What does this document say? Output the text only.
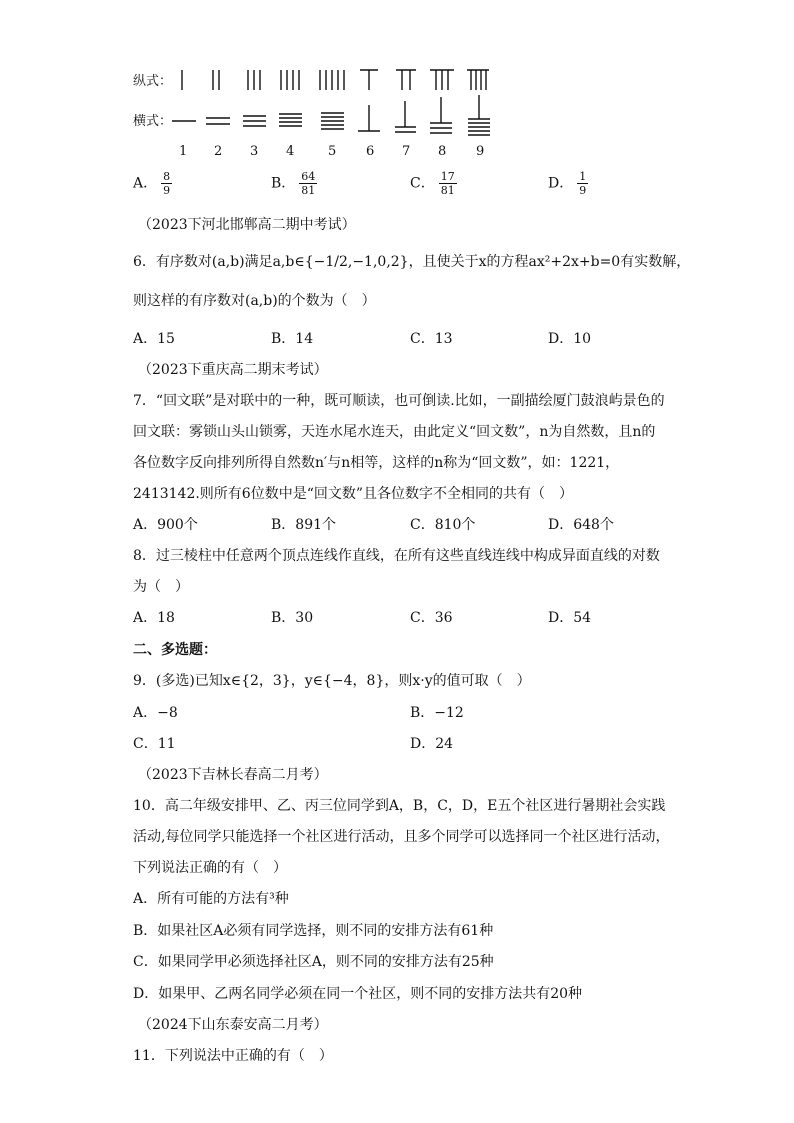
纵式：
横式：
1 2 3 4	5 6 7 8 9
A． $\frac{8}{9}$	B． $\frac{64}{81}$	C． $\frac{17}{81}$	D． $\frac{1}{9}$
（2023下河北邯郸高二期中考试）
6．有序数对(a,b)满足a,b∈{−1/2,−1,0,2}，且使关于x的方程ax²+2x+b=0有实数解，
则这样的有序数对(a,b)的个数为（　）
A．15	B．14	C．13	D．10
（2023下重庆高二期末考试）
7．“回文联”是对联中的一种，既可顺读，也可倒读.比如，一副描绘厦门鼓浪屿景色的
回文联：雾锁山头山锁雾，天连水尾水连天，由此定义“回文数”，n为自然数，且n的
各位数字反向排列所得自然数n′与n相等，这样的n称为“回文数”，如：1221，
2413142.则所有6位数中是“回文数”且各位数字不全相同的共有（　）
A．900个	B．891个	C．810个	D．648个
8．过三棱柱中任意两个顶点连线作直线，在所有这些直线连线中构成异面直线的对数
为（　）
A．18	B．30	C．36	D．54
二、多选题：
9．(多选)已知x∈{2，3}，y∈{−4，8}，则x·y的值可取（　）
A．−8	B．−12
C．11	D．24
（2023下吉林长春高二月考）
10．高二年级安排甲、乙、丙三位同学到A，B，C，D，E五个社区进行暑期社会实践
活动,每位同学只能选择一个社区进行活动，且多个同学可以选择同一个社区进行活动，
下列说法正确的有（　）
A．所有可能的方法有³种
B．如果社区A必须有同学选择，则不同的安排方法有61种
C．如果同学甲必须选择社区A，则不同的安排方法有25种
D．如果甲、乙两名同学必须在同一个社区，则不同的安排方法共有20种
（2024下山东泰安高二月考）
11．下列说法中正确的有（　）
